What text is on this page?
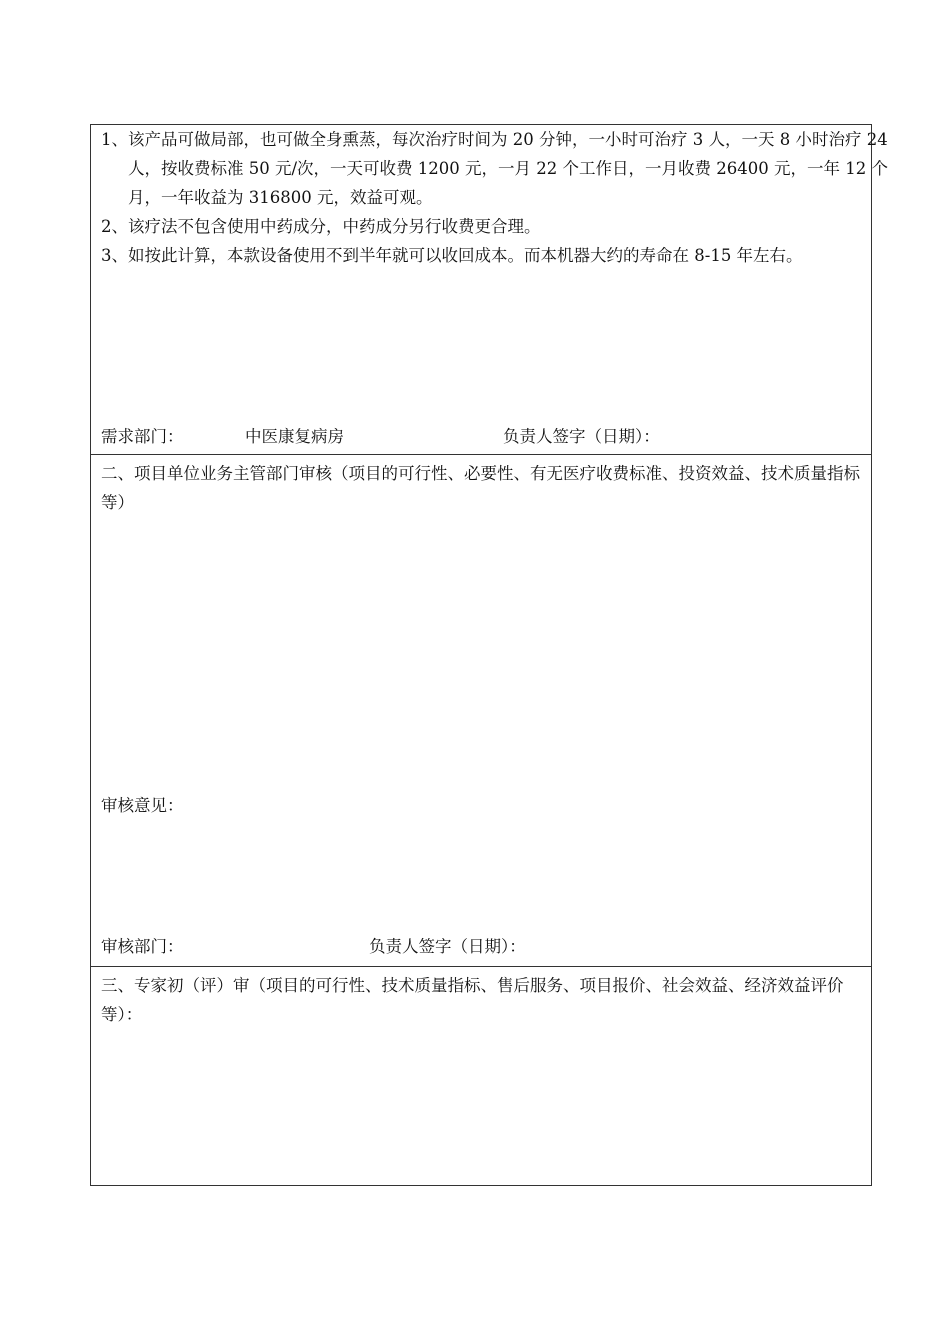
1、该产品可做局部，也可做全身熏蒸，每次治疗时间为 20 分钟，一小时可治疗 3 人，一天 8 小时治疗 24 人，按收费标准 50 元/次，一天可收费 1200 元，一月 22 个工作日，一月收费 26400 元，一年 12 个月，一年收益为 316800 元，效益可观。

2、该疗法不包含使用中药成分，中药成分另行收费更合理。

3、如按此计算，本款设备使用不到半年就可以收回成本。而本机器大约的寿命在 8-15 年左右。

需求部门：	中医康复病房	负责人签字（日期）：

二、项目单位业务主管部门审核（项目的可行性、必要性、有无医疗收费标准、投资效益、技术质量指标等）

审核意见：
审核部门：	负责人签字（日期）：

三、专家初（评）审（项目的可行性、技术质量指标、售后服务、项目报价、社会效益、经济效益评价等）：
